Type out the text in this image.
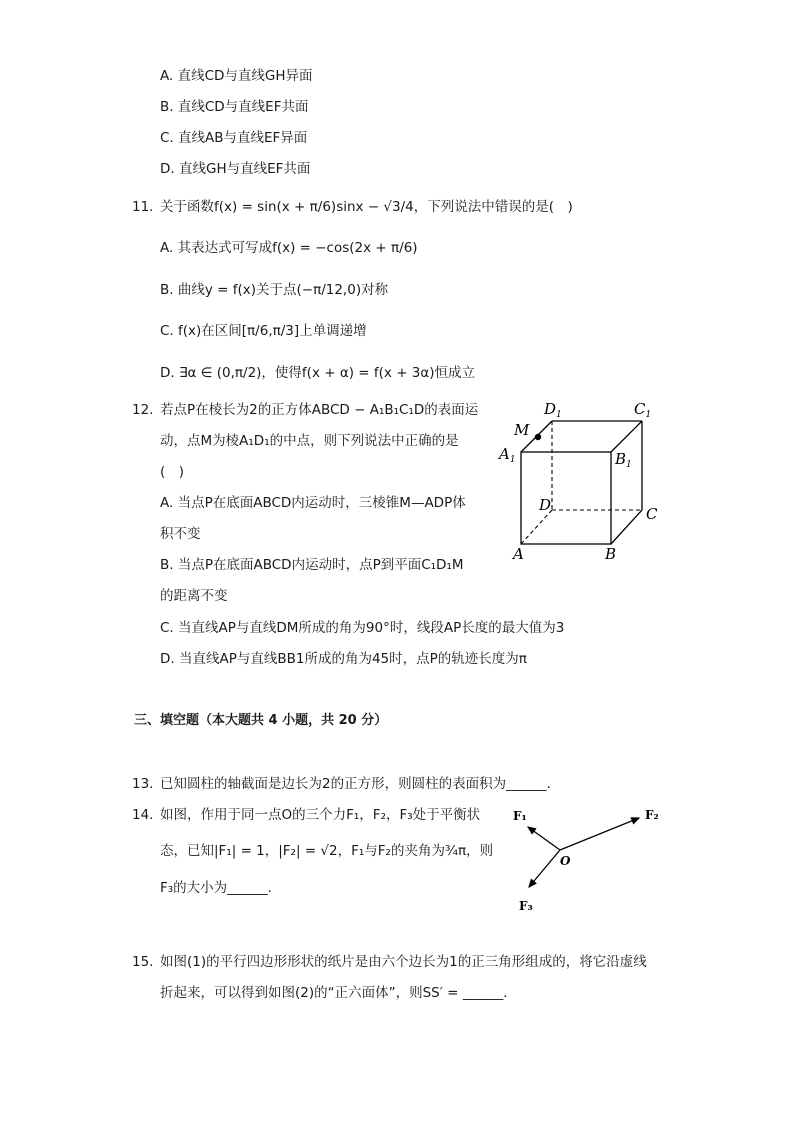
A. 直线CD与直线GH异面
B. 直线CD与直线EF共面
C. 直线AB与直线EF异面
D. 直线GH与直线EF共面
11. 关于函数f(x) = sin(x + π/6)sinx − √3/4，下列说法中错误的是(　)
A. 其表达式可写成f(x) = −cos(2x + π/6)
B. 曲线y = f(x)关于点(−π/12,0)对称
C. f(x)在区间[π/6,π/3]上单调递增
D. ∃α ∈ (0,π/2)，使得f(x + α) = f(x + 3α)恒成立
12. 若点P在棱长为2的正方体ABCD − A₁B₁C₁D的表面运
动，点M为棱A₁D₁的中点，则下列说法中正确的是
(　)
A. 当点P在底面ABCD内运动时，三棱锥M—ADP体
积不变
B. 当点P在底面ABCD内运动时，点P到平面C₁D₁M
的距离不变
C. 当直线AP与直线DM所成的角为90°时，线段AP长度的最大值为3
D. 当直线AP与直线BB1所成的角为45时，点P的轨迹长度为π
$D_1$	$C_1$
M
$A_1$	$B_1$
D	C
A	B
三、填空题（本大题共 4 小题，共 20 分）
13. 已知圆柱的轴截面是边长为2的正方形，则圆柱的表面积为______．
14. 如图，作用于同一点O的三个力F₁，F₂，F₃处于平衡状
态，已知|F₁| = 1，|F₂| = √2，F₁与F₂的夹角为¾π，则
F₃的大小为______．
F₁	F₂
F₃
O
15. 如图(1)的平行四边形形状的纸片是由六个边长为1的正三角形组成的，将它沿虚线
折起来，可以得到如图(2)的“正六面体”，则SS′ = ______．
